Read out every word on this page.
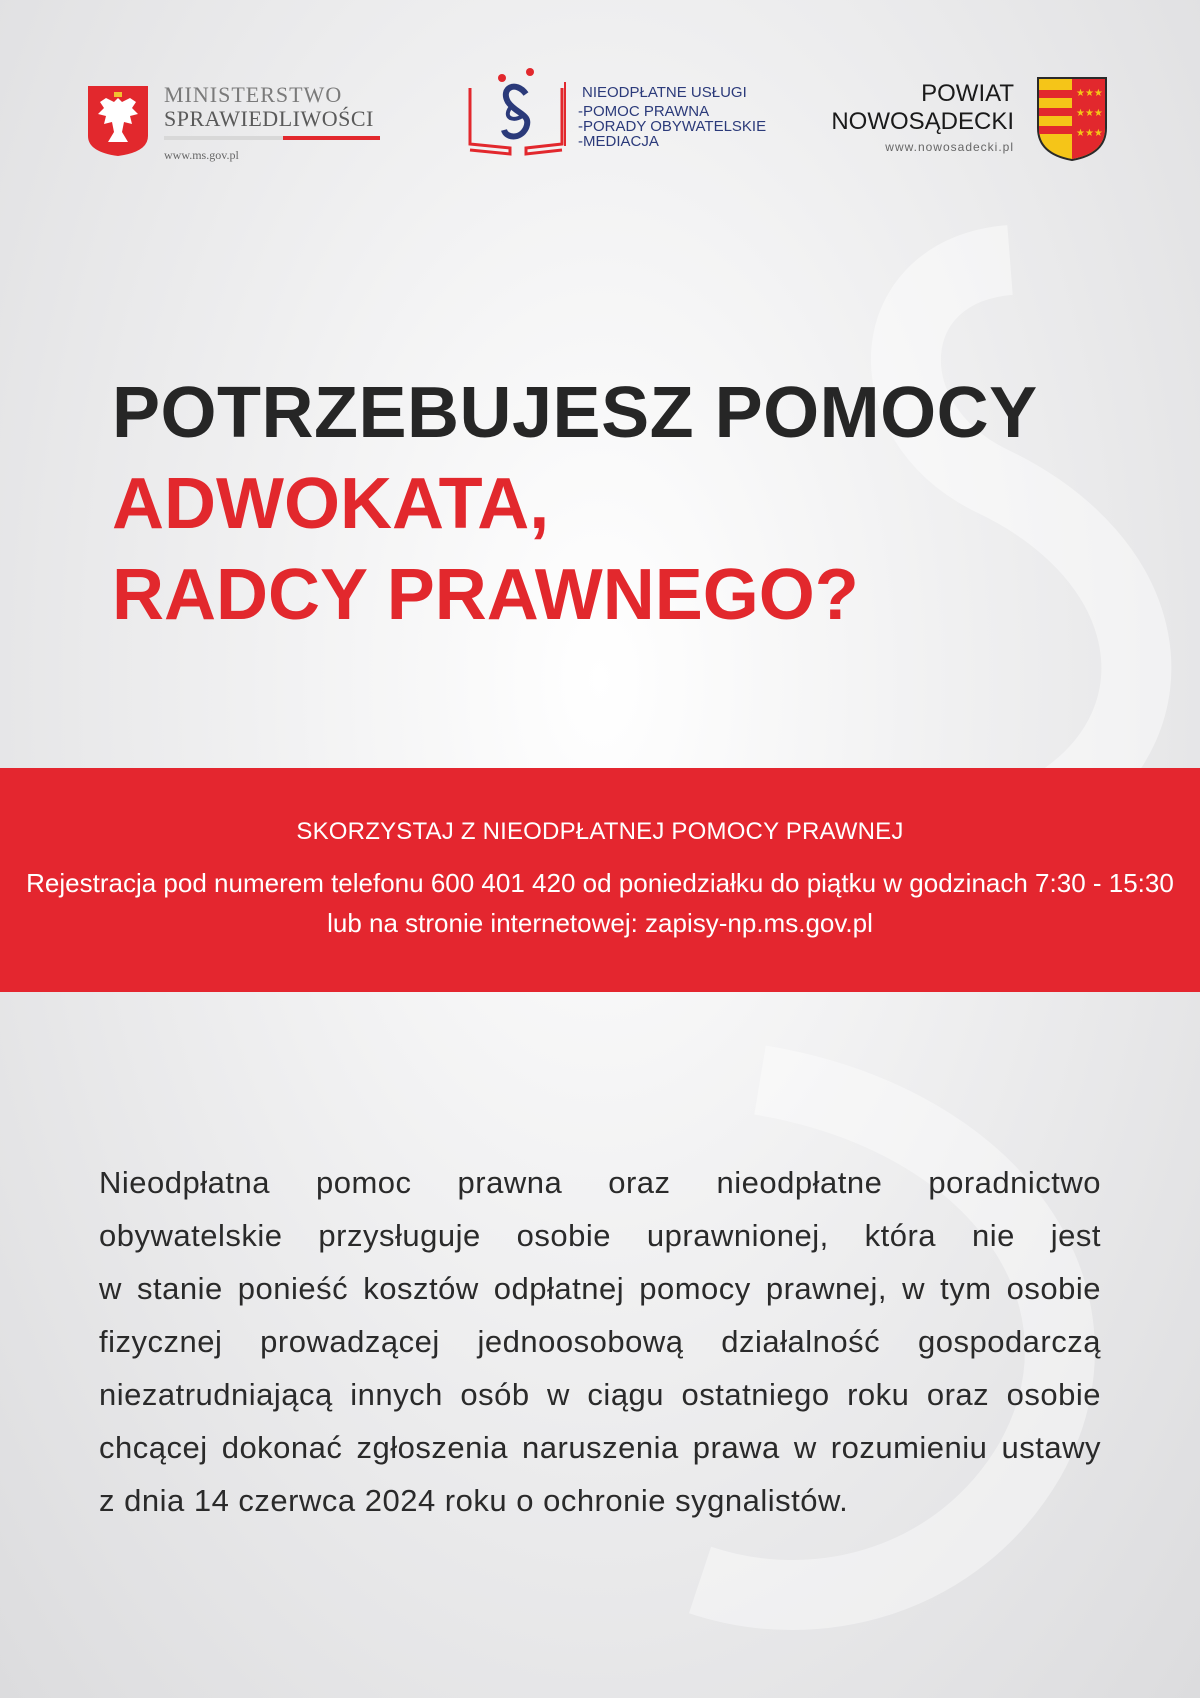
MINISTERSTWO
SPRAWIEDLIWOŚCI
www.ms.gov.pl
NIEODPŁATNE USŁUGI
-POMOC PRAWNA
-PORADY OBYWATELSKIE
-MEDIACJA
POWIAT
NOWOSĄDECKI
www.nowosadecki.pl
★★★
★★★
★★★
POTRZEBUJESZ POMOCY
ADWOKATA,
RADCY PRAWNEGO?
SKORZYSTAJ Z NIEODPŁATNEJ POMOCY PRAWNEJ
Rejestracja pod numerem telefonu 600 401 420 od poniedziałku do piątku w godzinach 7:30 - 15:30
lub na stronie internetowej: zapisy-np.ms.gov.pl
Nieodpłatna pomoc prawna oraz nieodpłatne poradnictwo
obywatelskie przysługuje osobie uprawnionej, która nie jest
w stanie ponieść kosztów odpłatnej pomocy prawnej, w tym osobie
fizycznej prowadzącej jednoosobową działalność gospodarczą
niezatrudniającą innych osób w ciągu ostatniego roku oraz osobie
chcącej dokonać zgłoszenia naruszenia prawa w rozumieniu ustawy
z dnia 14 czerwca 2024 roku o ochronie sygnalistów.
